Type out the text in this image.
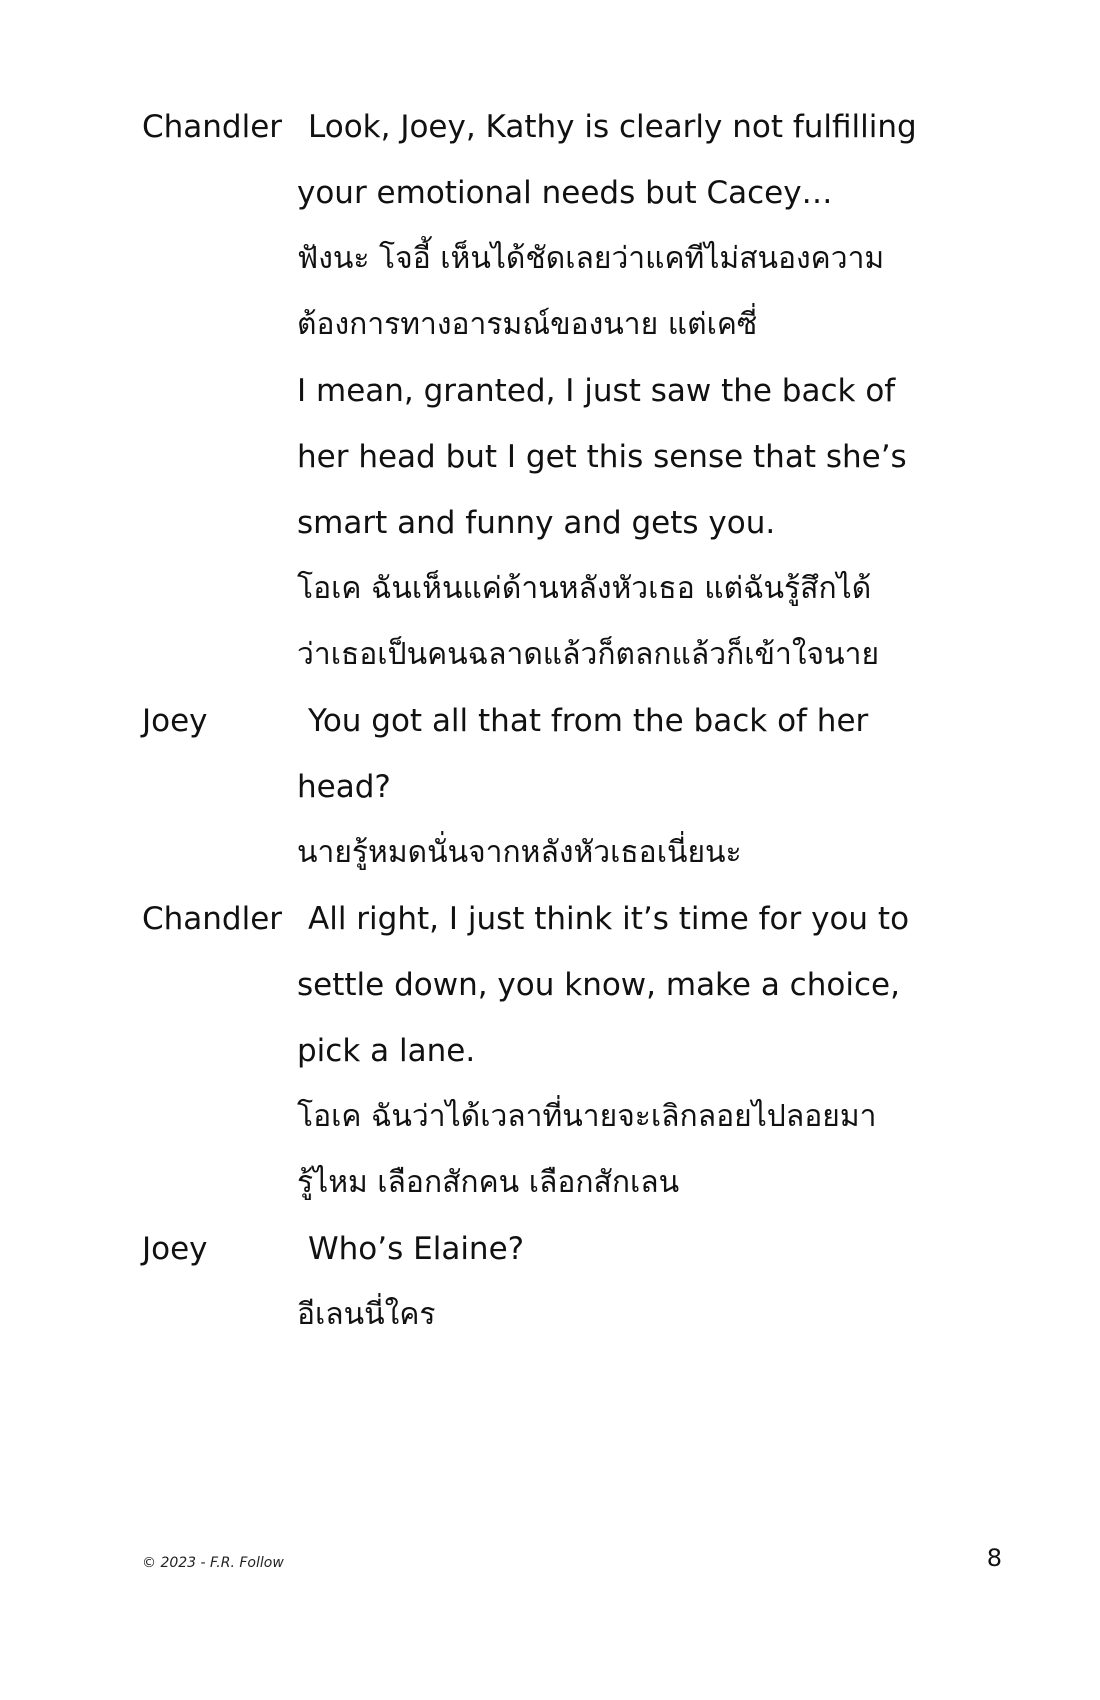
Chandler Look, Joey, Kathy is clearly not fulfilling
your emotional needs but Cacey…
ฟังนะ โจอี้ เห็นได้ชัดเลยว่าแคทีไม่สนองความ
ต้องการทางอารมณ์ของนาย แต่เคซี่
I mean, granted, I just saw the back of
her head but I get this sense that she’s
smart and funny and gets you.
โอเค ฉันเห็นแค่ด้านหลังหัวเธอ แต่ฉันรู้สึกได้
ว่าเธอเป็นคนฉลาดแล้วก็ตลกแล้วก็เข้าใจนาย
Joey	You got all that from the back of her
head?
นายรู้หมดนั่นจากหลังหัวเธอเนี่ยนะ
Chandler All right, I just think it’s time for you to
settle down, you know, make a choice,
pick a lane.
โอเค ฉันว่าได้เวลาที่นายจะเลิกลอยไปลอยมา
รู้ไหม เลือกสักคน เลือกสักเลน
Joey	Who’s Elaine?
อีเลนนี่ใคร
© 2023 - F.R. Follow	8
